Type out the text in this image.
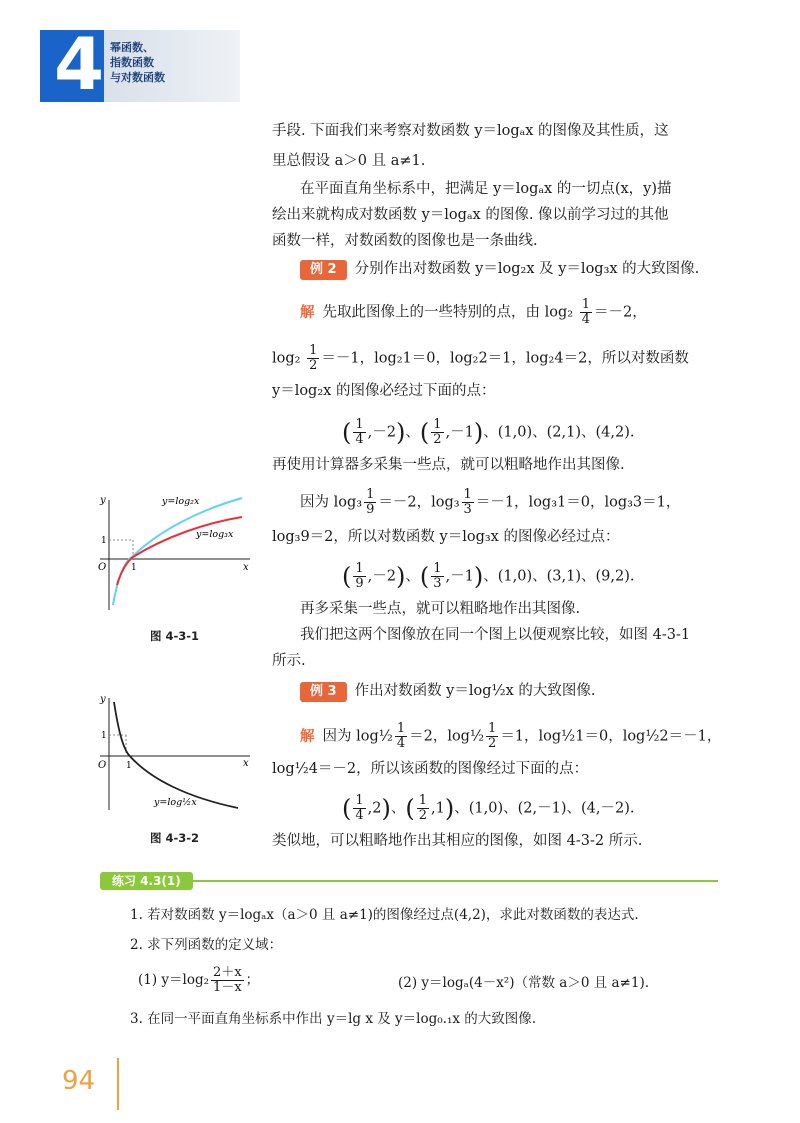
4 幂函数、
指数函数
与对数函数
手段. 下面我们来考察对数函数 y＝logₐx 的图像及其性质，这
里总假设 a＞0 且 a≠1.
在平面直角坐标系中，把满足 y＝logₐx 的一切点(x，y)描
绘出来就构成对数函数 y＝logₐx 的图像. 像以前学习过的其他
函数一样，对数函数的图像也是一条曲线.
例 2 分别作出对数函数 y＝log₂x 及 y＝log₃x 的大致图像.
解 先取此图像上的一些特别的点，由 $\log_2 \frac{1}{4} =-2$，
$\log_2 \frac{1}{2} =-1$，log₂1＝0，log₂2＝1，log₂4＝2，所以对数函数
y＝log₂x 的图像必经过下面的点：
( $\frac{1}{4} ,-2$)、( $\frac{1}{2} ,-1$)、(1,0)、(2,1)、(4,2).
再使用计算器多采集一些点，就可以粗略地作出其图像.
因为 $\log_3 \frac{1}{9} =-2$，$\log_3 \frac{1}{3} =-1$，log₃1＝0，log₃3＝1，
log₃9＝2，所以对数函数 y＝log₃x 的图像必经过点：
( $\frac{1}{9} ,-2$)、( $\frac{1}{3} ,-1$)、(1,0)、(3,1)、(9,2).
再多采集一些点，就可以粗略地作出其图像.
我们把这两个图像放在同一个图上以便观察比较，如图 4-3-1
所示.
例 3 作出对数函数 y＝log½x 的大致图像.
解 因为 log½ $\frac{1}{4} =2$，log½ $\frac{1}{2} =1$，log½1＝0，log½2＝－1，
log½4＝－2，所以该函数的图像经过下面的点：
( $\frac{1}{4} ,2$)、( $\frac{1}{2} ,1$)、(1,0)、(2,－1)、(4,－2).
类似地，可以粗略地作出其相应的图像，如图 4-3-2 所示.
y
x
O	1
1
y=log₂x
y=log₃x
图 4-3-1
y
x
O 1
1
y=log½x
图 4-3-2
练习 4.3(1)
1. 若对数函数 y＝logₐx（a＞0 且 a≠1)的图像经过点(4,2)，求此对数函数的表达式.
2. 求下列函数的定义域：
(1) $y=\log_2 \frac{2+x}{1-x}$ ；	(2) y＝logₐ(4－x²)（常数 a＞0 且 a≠1).
3. 在同一平面直角坐标系中作出 y＝lg x 及 y＝log₀.₁x 的大致图像.
94
